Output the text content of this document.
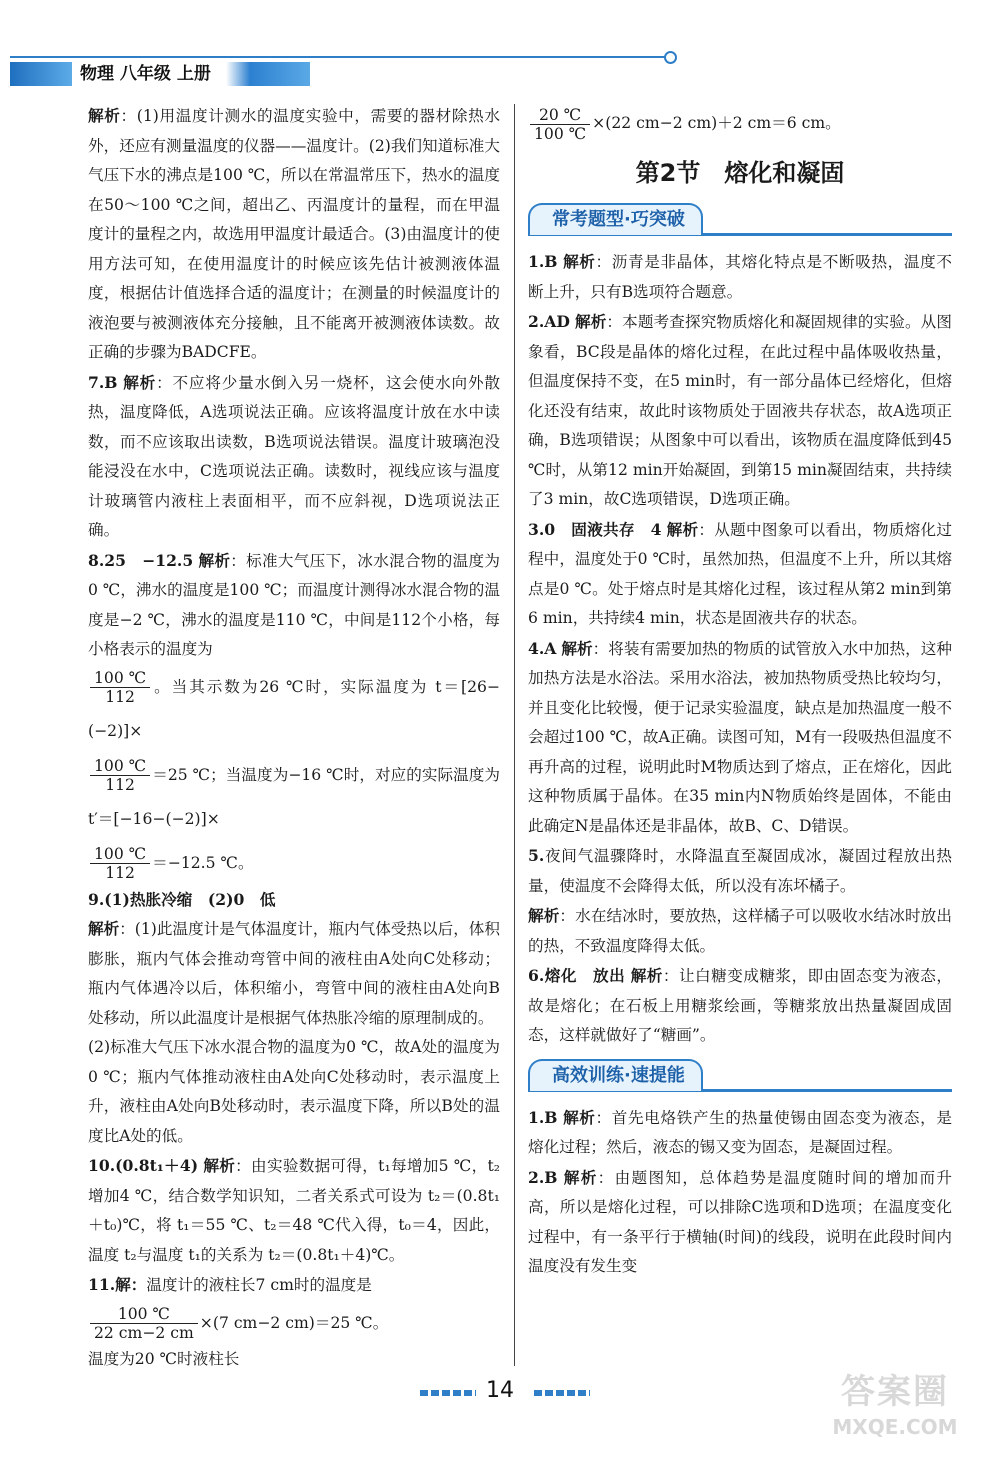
物理 八年级 上册

解析：(1)用温度计测水的温度实验中，需要的器材除热水外，还应有测量温度的仪器——温度计。(2)我们知道标准大气压下水的沸点是100 ℃，所以在常温常压下，热水的温度在50～100 ℃之间，超出乙、丙温度计的量程，而在甲温度计的量程之内，故选用甲温度计最适合。(3)由温度计的使用方法可知，在使用温度计的时候应该先估计被测液体温度，根据估计值选择合适的温度计；在测量的时候温度计的液泡要与被测液体充分接触，且不能离开被测液体读数。故正确的步骤为BADCFE。

7.B 解析：不应将少量水倒入另一烧杯，这会使水向外散热，温度降低，A选项说法正确。应该将温度计放在水中读数，而不应该取出读数，B选项说法错误。温度计玻璃泡没能浸没在水中，C选项说法正确。读数时，视线应该与温度计玻璃管内液柱上表面相平，而不应斜视，D选项说法正确。

8.25　−12.5 解析：标准大气压下，冰水混合物的温度为0 ℃，沸水的温度是100 ℃；而温度计测得冰水混合物的温度是−2 ℃，沸水的温度是110 ℃，中间是112个小格，每小格表示的温度为

$\frac{100 ℃}{112}$ 。当其示数为26 ℃时，实际温度为 t＝[26−(−2)]×

$\frac{100 ℃}{112} =25$ ℃；当温度为−16 ℃时，对应的实际温度为 t′＝[−16−(−2)]×

$\frac{100 ℃}{112} =-12.5$ ℃。

9.(1)热胀冷缩　(2)0　低

解析：(1)此温度计是气体温度计，瓶内气体受热以后，体积膨胀，瓶内气体会推动弯管中间的液柱由A处向C处移动；瓶内气体遇冷以后，体积缩小，弯管中间的液柱由A处向B处移动，所以此温度计是根据气体热胀冷缩的原理制成的。

(2)标准大气压下冰水混合物的温度为0 ℃，故A处的温度为0 ℃；瓶内气体推动液柱由A处向C处移动时，表示温度上升，液柱由A处向B处移动时，表示温度下降，所以B处的温度比A处的低。

10.(0.8t₁＋4) 解析：由实验数据可得，t₁每增加5 ℃，t₂增加4 ℃，结合数学知识知，二者关系式可设为 t₂＝(0.8t₁＋t₀)℃，将 t₁＝55 ℃、t₂＝48 ℃代入得，t₀＝4，因此，温度 t₂与温度 t₁的关系为 t₂＝(0.8t₁＋4)℃。

11.解：温度计的液柱长7 cm时的温度是

$\frac{100 ℃}{22 cm-2 cm} \times(7$ cm−2 cm)＝25 ℃。

温度为20 ℃时液柱长

$\frac{20 ℃}{100 ℃} \times(22$ cm−2 cm)＋2 cm＝6 cm。

第2节　熔化和凝固
常考题型·巧突破

1.B 解析：沥青是非晶体，其熔化特点是不断吸热，温度不断上升，只有B选项符合题意。

2.AD 解析：本题考查探究物质熔化和凝固规律的实验。从图象看，BC段是晶体的熔化过程，在此过程中晶体吸收热量，但温度保持不变，在5 min时，有一部分晶体已经熔化，但熔化还没有结束，故此时该物质处于固液共存状态，故A选项正确，B选项错误；从图象中可以看出，该物质在温度降低到45 ℃时，从第12 min开始凝固，到第15 min凝固结束，共持续了3 min，故C选项错误，D选项正确。

3.0　固液共存　4 解析：从题中图象可以看出，物质熔化过程中，温度处于0 ℃时，虽然加热，但温度不上升，所以其熔点是0 ℃。处于熔点时是其熔化过程，该过程从第2 min到第6 min，共持续4 min，状态是固液共存的状态。

4.A 解析：将装有需要加热的物质的试管放入水中加热，这种加热方法是水浴法。采用水浴法，被加热物质受热比较均匀，并且变化比较慢，便于记录实验温度，缺点是加热温度一般不会超过100 ℃，故A正确。读图可知，M有一段吸热但温度不再升高的过程，说明此时M物质达到了熔点，正在熔化，因此这种物质属于晶体。在35 min内N物质始终是固体，不能由此确定N是晶体还是非晶体，故B、C、D错误。

5.夜间气温骤降时，水降温直至凝固成冰，凝固过程放出热量，使温度不会降得太低，所以没有冻坏橘子。

解析：水在结冰时，要放热，这样橘子可以吸收水结冰时放出的热，不致温度降得太低。

6.熔化　放出 解析：让白糖变成糖浆，即由固态变为液态，故是熔化；在石板上用糖浆绘画，等糖浆放出热量凝固成固态，这样就做好了“糖画”。

高效训练·速提能

1.B 解析：首先电烙铁产生的热量使锡由固态变为液态，是熔化过程；然后，液态的锡又变为固态，是凝固过程。

2.B 解析：由题图知，总体趋势是温度随时间的增加而升高，所以是熔化过程，可以排除C选项和D选项；在温度变化过程中，有一条平行于横轴(时间)的线段，说明在此段时间内温度没有发生变

14	答案圈
MXQE.COM
